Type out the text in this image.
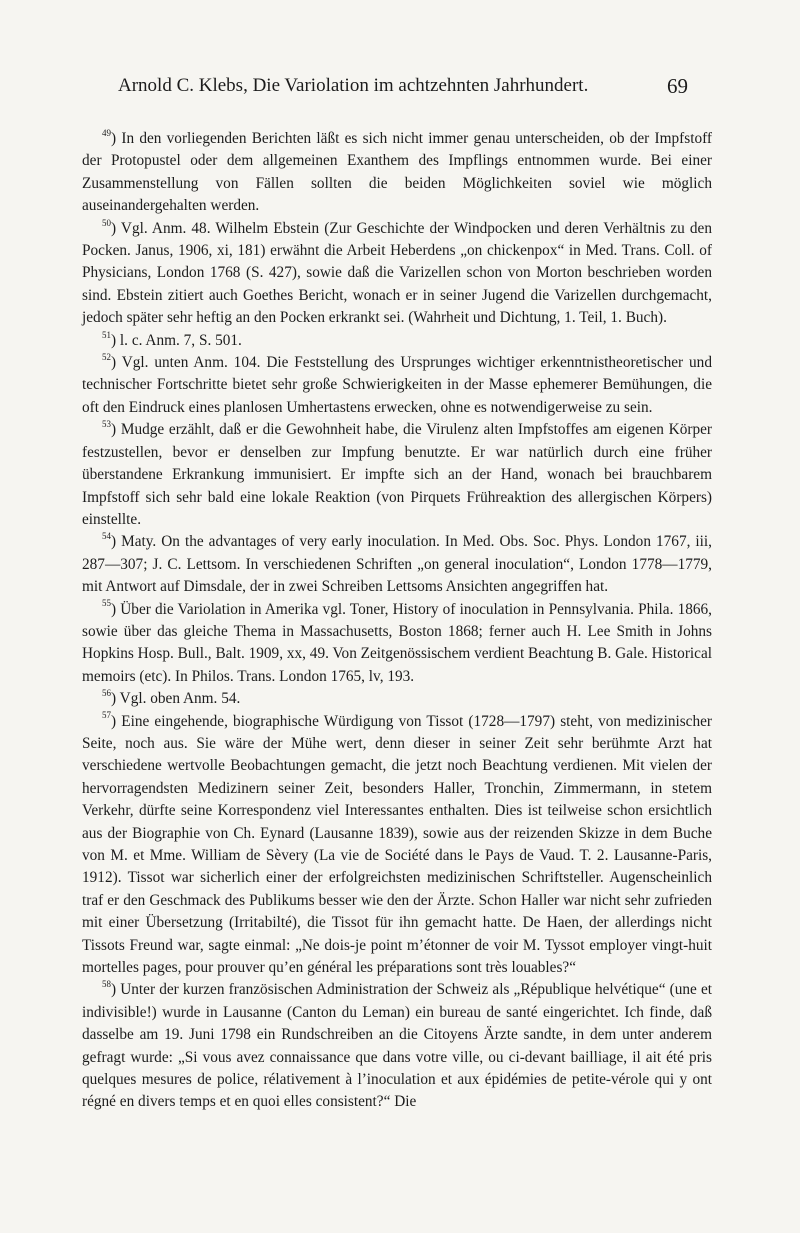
Arnold C. Klebs, Die Variolation im achtzehnten Jahrhundert.	69

$^{49}$) In den vorliegenden Berichten läßt es sich nicht immer genau unterscheiden, ob der Impfstoff der Protopustel oder dem allgemeinen Exanthem des Impflings entnommen wurde. Bei einer Zusammenstellung von Fällen sollten die beiden Möglichkeiten soviel wie möglich auseinandergehalten werden.

$^{50}$) Vgl. Anm. 48. Wilhelm Ebstein (Zur Geschichte der Windpocken und deren Verhältnis zu den Pocken. Janus, 1906, xi, 181) erwähnt die Arbeit Heberdens „on chickenpox“ in Med. Trans. Coll. of Physicians, London 1768 (S. 427), sowie daß die Varizellen schon von Morton beschrieben worden sind. Ebstein zitiert auch Goethes Bericht, wonach er in seiner Jugend die Varizellen durchgemacht, jedoch später sehr heftig an den Pocken erkrankt sei. (Wahrheit und Dichtung, 1. Teil, 1. Buch).

$^{51}$) l. c. Anm. 7, S. 501.

$^{52}$) Vgl. unten Anm. 104. Die Feststellung des Ursprunges wichtiger erkenntnistheoretischer und technischer Fortschritte bietet sehr große Schwierigkeiten in der Masse ephemerer Bemühungen, die oft den Eindruck eines planlosen Umhertastens erwecken, ohne es notwendigerweise zu sein.

$^{53}$) Mudge erzählt, daß er die Gewohnheit habe, die Virulenz alten Impfstoffes am eigenen Körper festzustellen, bevor er denselben zur Impfung benutzte. Er war natürlich durch eine früher überstandene Erkrankung immunisiert. Er impfte sich an der Hand, wonach bei brauchbarem Impfstoff sich sehr bald eine lokale Reaktion (von Pirquets Frühreaktion des allergischen Körpers) einstellte.

$^{54}$) Maty. On the advantages of very early inoculation. In Med. Obs. Soc. Phys. London 1767, iii, 287—307; J. C. Lettsom. In verschiedenen Schriften „on general inoculation“, London 1778—1779, mit Antwort auf Dimsdale, der in zwei Schreiben Lettsoms Ansichten angegriffen hat.

$^{55}$) Über die Variolation in Amerika vgl. Toner, History of inoculation in Pennsylvania. Phila. 1866, sowie über das gleiche Thema in Massachusetts, Boston 1868; ferner auch H. Lee Smith in Johns Hopkins Hosp. Bull., Balt. 1909, xx, 49. Von Zeitgenössischem verdient Beachtung B. Gale. Historical memoirs (etc). In Philos. Trans. London 1765, lv, 193.

$^{56}$) Vgl. oben Anm. 54.

$^{57}$) Eine eingehende, biographische Würdigung von Tissot (1728—1797) steht, von medizinischer Seite, noch aus. Sie wäre der Mühe wert, denn dieser in seiner Zeit sehr berühmte Arzt hat verschiedene wertvolle Beobachtungen gemacht, die jetzt noch Beachtung verdienen. Mit vielen der hervorragendsten Medizinern seiner Zeit, besonders Haller, Tronchin, Zimmermann, in stetem Verkehr, dürfte seine Korrespondenz viel Interessantes enthalten. Dies ist teilweise schon ersichtlich aus der Biographie von Ch. Eynard (Lausanne 1839), sowie aus der reizenden Skizze in dem Buche von M. et Mme. William de Sèvery (La vie de Société dans le Pays de Vaud. T. 2. Lausanne-Paris, 1912). Tissot war sicherlich einer der erfolgreichsten medizinischen Schriftsteller. Augenscheinlich traf er den Geschmack des Publikums besser wie den der Ärzte. Schon Haller war nicht sehr zufrieden mit einer Übersetzung (Irritabilté), die Tissot für ihn gemacht hatte. De Haen, der allerdings nicht Tissots Freund war, sagte einmal: „Ne dois-je point m’étonner de voir M. Tyssot employer vingt-huit mortelles pages, pour prouver qu’en général les préparations sont très louables?“

$^{58}$) Unter der kurzen französischen Administration der Schweiz als „République helvétique“ (une et indivisible!) wurde in Lausanne (Canton du Leman) ein bureau de santé eingerichtet. Ich finde, daß dasselbe am 19. Juni 1798 ein Rundschreiben an die Citoyens Ärzte sandte, in dem unter anderem gefragt wurde: „Si vous avez connaissance que dans votre ville, ou ci-devant bailliage, il ait été pris quelques mesures de police, rélativement à l’inoculation et aux épidémies de petite-vérole qui y ont régné en divers temps et en quoi elles consistent?“ Die
